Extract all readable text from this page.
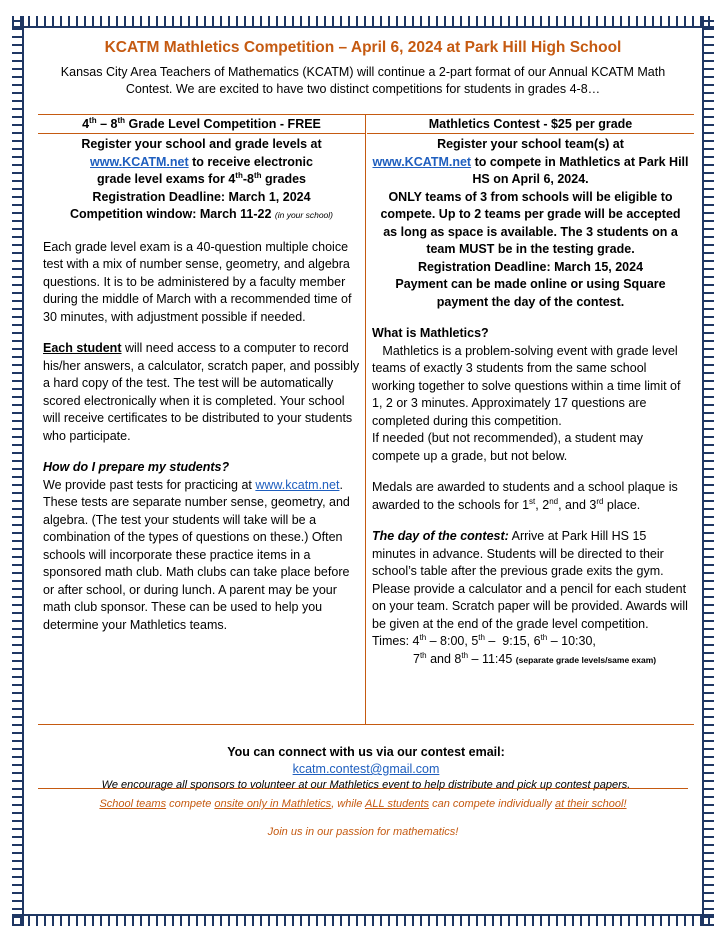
KCATM Mathletics Competition – April 6, 2024 at Park Hill High School

Kansas City Area Teachers of Mathematics (KCATM) will continue a 2-part format of our Annual KCATM Math Contest. We are excited to have two distinct competitions for students in grades 4-8…

4th – 8th Grade Level Competition - FREE
Register your school and grade levels at
www.KCATM.net to receive electronic
grade level exams for 4th-8th grades
Registration Deadline: March 1, 2024
Competition window: March 11-22 (in your school)

Each grade level exam is a 40-question multiple choice test with a mix of number sense, geometry, and algebra questions. It is to be administered by a faculty member during the middle of March with a recommended time of 30 minutes, with adjustment possible if needed.

Each student will need access to a computer to record his/her answers, a calculator, scratch paper, and possibly a hard copy of the test. The test will be automatically scored electronically when it is completed. Your school will receive certificates to be distributed to your students who participate.

How do I prepare my students?
We provide past tests for practicing at www.kcatm.net. These tests are separate number sense, geometry, and algebra. (The test your students will take will be a combination of the types of questions on these.) Often schools will incorporate these practice items in a sponsored math club. Math clubs can take place before or after school, or during lunch. A parent may be your math club sponsor. These can be used to help you determine your Mathletics teams.

Mathletics Contest - $25 per grade
Register your school team(s) at
www.KCATM.net to compete in Mathletics at Park Hill HS on April 6, 2024.
ONLY teams of 3 from schools will be eligible to compete. Up to 2 teams per grade will be accepted as long as space is available. The 3 students on a team MUST be in the testing grade.
Registration Deadline: March 15, 2024
Payment can be made online or using Square payment the day of the contest.

What is Mathletics?
Mathletics is a problem-solving event with grade level teams of exactly 3 students from the same school working together to solve questions within a time limit of 1, 2 or 3 minutes. Approximately 17 questions are completed during this competition.
If needed (but not recommended), a student may compete up a grade, but not below.

Medals are awarded to students and a school plaque is awarded to the schools for 1st, 2nd, and 3rd place.

The day of the contest: Arrive at Park Hill HS 15 minutes in advance. Students will be directed to their school’s table after the previous grade exits the gym. Please provide a calculator and a pencil for each student on your team. Scratch paper will be provided. Awards will be given at the end of the grade level competition.
Times: 4th – 8:00, 5th –  9:15, 6th – 10:30,
7th and 8th – 11:45 (separate grade levels/same exam)

You can connect with us via our contest email:
kcatm.contest@gmail.com
We encourage all sponsors to volunteer at our Mathletics event to help distribute and pick up contest papers.
School teams compete onsite only in Mathletics, while ALL students can compete individually at their school!
Join us in our passion for mathematics!
